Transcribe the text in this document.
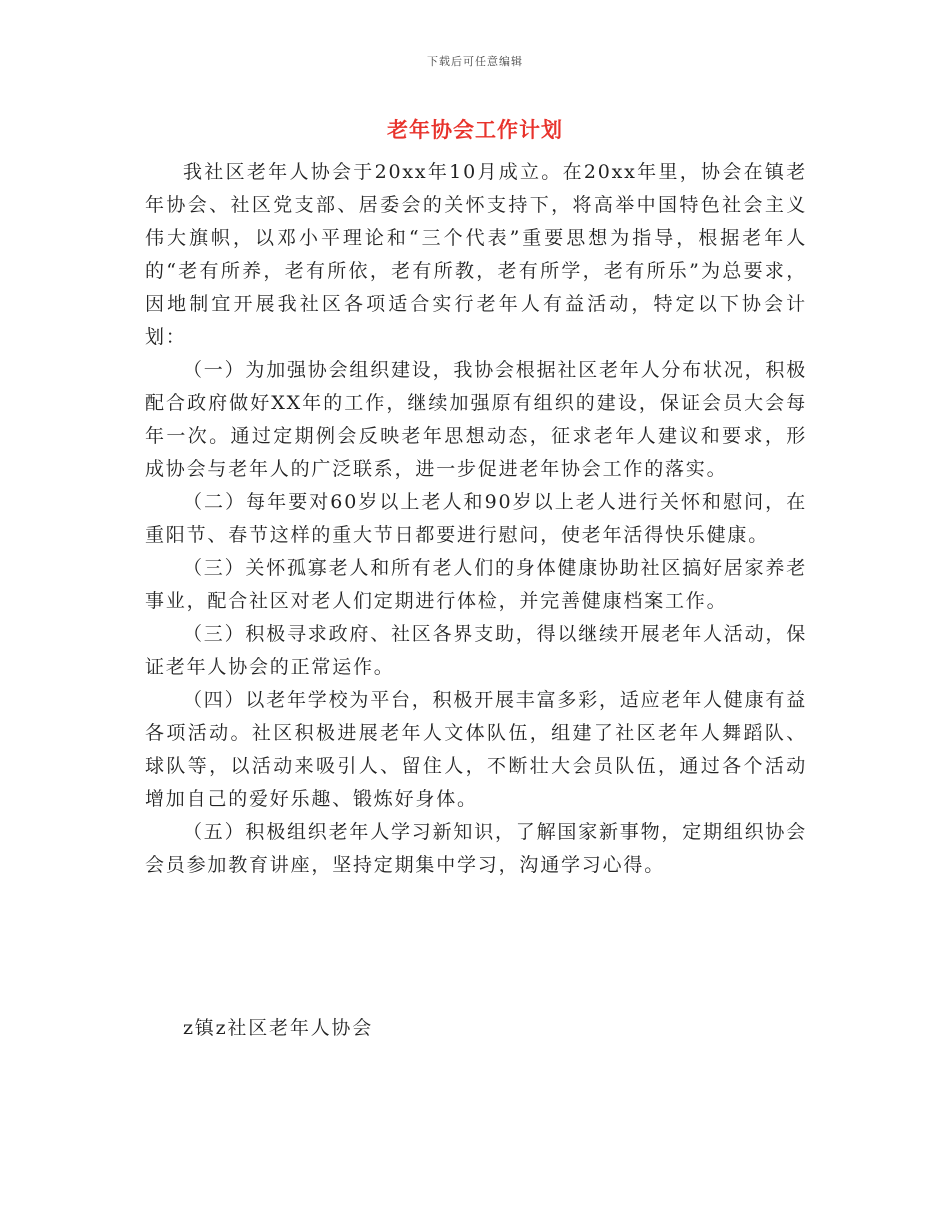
下载后可任意编辑
老年协会工作计划

我社区老年人协会于20xx年10月成立。在20xx年里，协会在镇老年协会、社区党支部、居委会的关怀支持下，将高举中国特色社会主义伟大旗帜，以邓小平理论和“三个代表”重要思想为指导，根据老年人的“老有所养，老有所依，老有所教，老有所学，老有所乐”为总要求，因地制宜开展我社区各项适合实行老年人有益活动，特定以下协会计划：

（一）为加强协会组织建设，我协会根据社区老年人分布状况，积极配合政府做好XX年的工作，继续加强原有组织的建设，保证会员大会每年一次。通过定期例会反映老年思想动态，征求老年人建议和要求，形成协会与老年人的广泛联系，进一步促进老年协会工作的落实。

（二）每年要对60岁以上老人和90岁以上老人进行关怀和慰问，在重阳节、春节这样的重大节日都要进行慰问，使老年活得快乐健康。

（三）关怀孤寡老人和所有老人们的身体健康协助社区搞好居家养老事业，配合社区对老人们定期进行体检，并完善健康档案工作。

（三）积极寻求政府、社区各界支助，得以继续开展老年人活动，保证老年人协会的正常运作。

（四）以老年学校为平台，积极开展丰富多彩，适应老年人健康有益各项活动。社区积极进展老年人文体队伍，组建了社区老年人舞蹈队、球队等，以活动来吸引人、留住人，不断壮大会员队伍，通过各个活动增加自己的爱好乐趣、锻炼好身体。

（五）积极组织老年人学习新知识，了解国家新事物，定期组织协会会员参加教育讲座，坚持定期集中学习，沟通学习心得。

z镇z社区老年人协会
